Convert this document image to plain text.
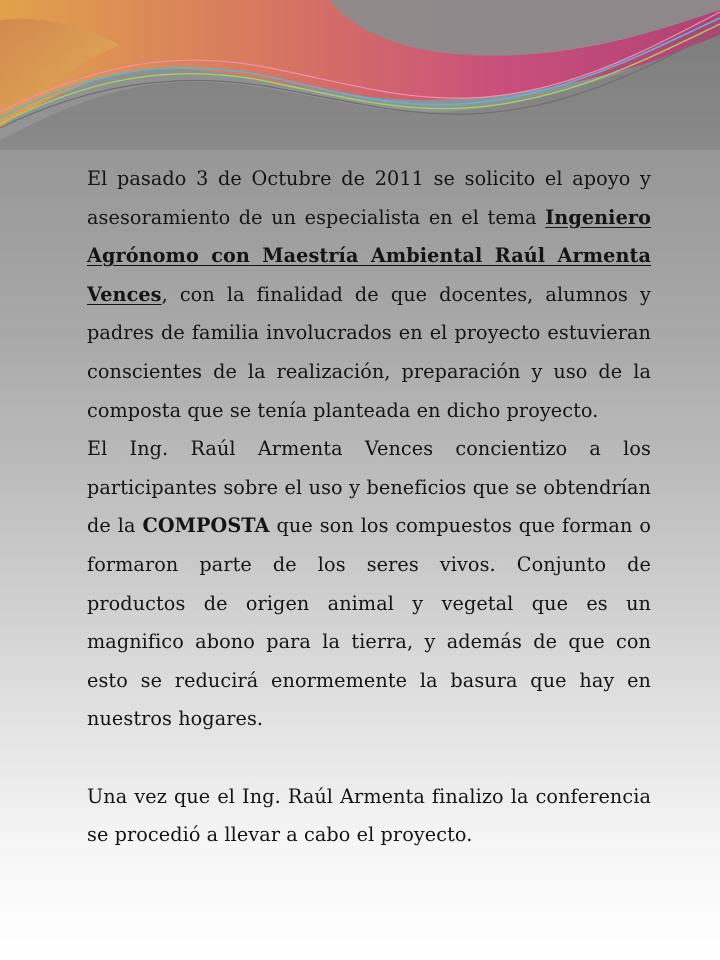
El pasado 3 de Octubre de 2011 se solicito el apoyo y asesoramiento de un especialista en el tema Ingeniero Agrónomo con Maestría Ambiental Raúl Armenta Vences, con la finalidad de que docentes, alumnos y padres de familia involucrados en el proyecto estuvieran conscientes de la realización, preparación y uso de la composta que se tenía planteada en dicho proyecto.

El Ing. Raúl Armenta Vences concientizo a los participantes sobre el uso y beneficios que se obtendrían de la COMPOSTA que son los compuestos que forman o formaron parte de los seres vivos. Conjunto de productos de origen animal y vegetal que es un magnifico abono para la tierra, y además de que con esto se reducirá enormemente la basura que hay en nuestros hogares.

Una vez que el Ing. Raúl Armenta finalizo la conferencia se procedió a llevar a cabo el proyecto.
